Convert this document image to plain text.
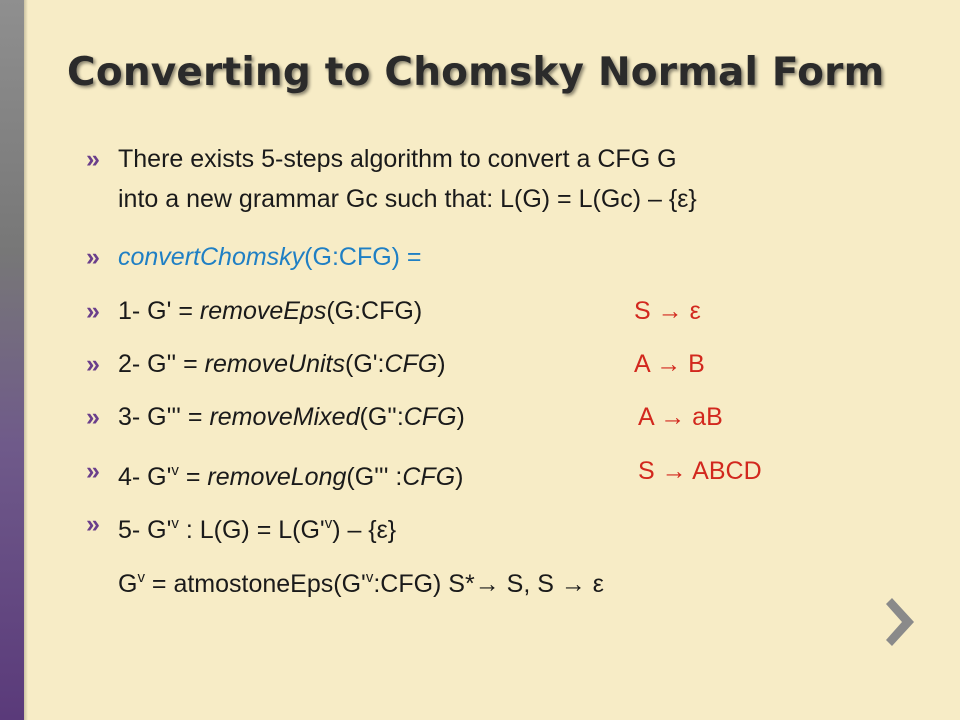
Converting to Chomsky Normal Form
» There exists 5-steps algorithm to convert a CFG G
into a new grammar Gc such that: L(G) = L(Gc) – {ε}
» convertChomsky(G:CFG) =
» 1- G' = removeEps(G:CFG)	S → ε
» 2- G'' = removeUnits(G':CFG)	A → B
» 3- G''' = removeMixed(G'':CFG)	A → aB
» 4- $G'^v$ = removeLong(G''' :CFG)	S → ABCD
» 5- $G'^v$ : $L(G) = L(G'^v) - \{\varepsilon\}$
$G^v$ = $atmostoneEps(G'^v:CFG)$ S*→ S, S → ε
